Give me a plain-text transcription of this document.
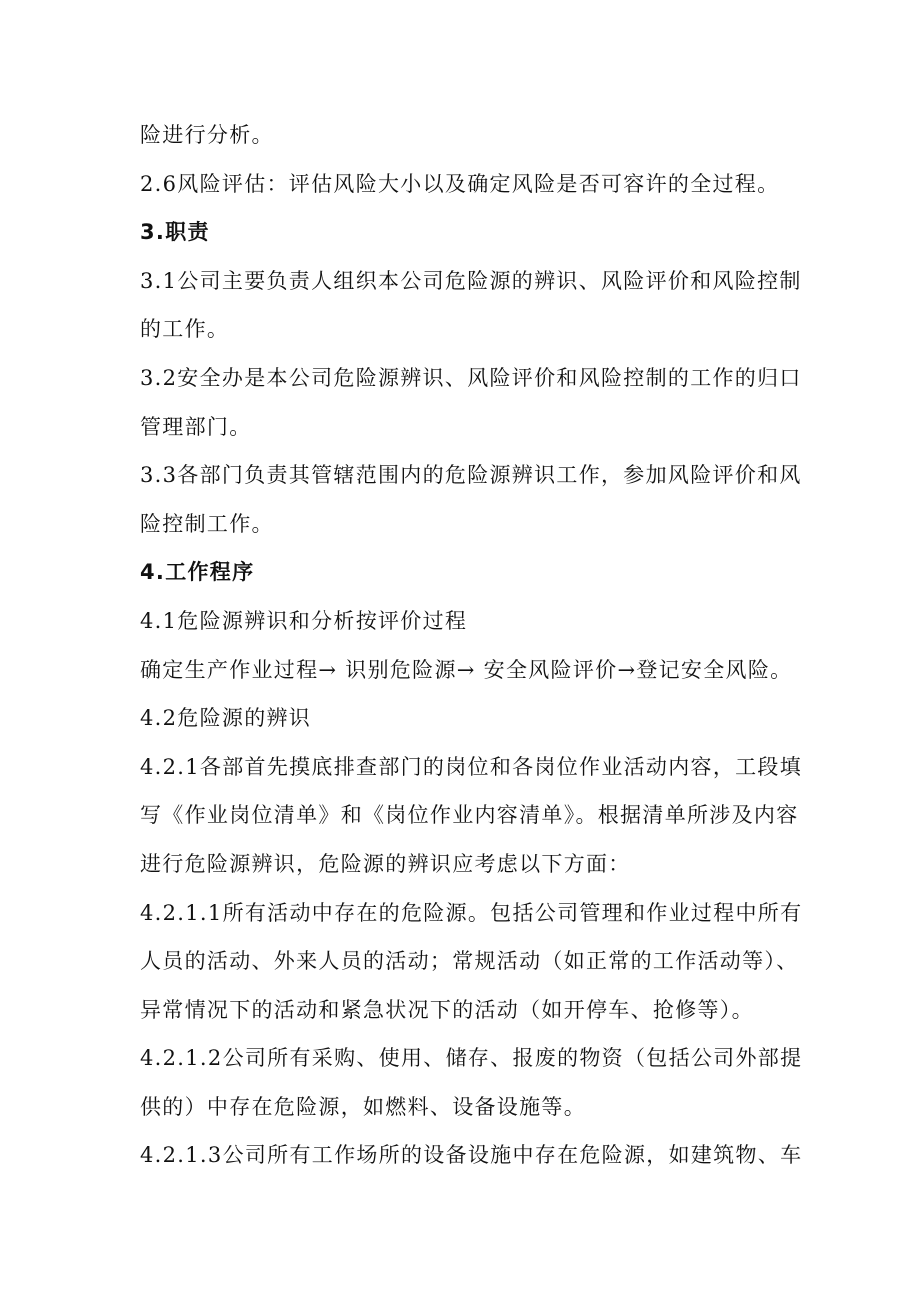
险进行分析。

2.6风险评估：评估风险大小以及确定风险是否可容许的全过程。

3.职责

3.1公司主要负责人组织本公司危险源的辨识、风险评价和风险控制

的工作。

3.2安全办是本公司危险源辨识、风险评价和风险控制的工作的归口

管理部门。

3.3各部门负责其管辖范围内的危险源辨识工作，参加风险评价和风

险控制工作。

4.工作程序

4.1危险源辨识和分析按评价过程

确定生产作业过程→ 识别危险源→ 安全风险评价→登记安全风险。

4.2危险源的辨识

4.2.1各部首先摸底排查部门的岗位和各岗位作业活动内容，工段填

写《作业岗位清单》和《岗位作业内容清单》。根据清单所涉及内容

进行危险源辨识，危险源的辨识应考虑以下方面：

4.2.1.1所有活动中存在的危险源。包括公司管理和作业过程中所有

人员的活动、外来人员的活动；常规活动（如正常的工作活动等）、

异常情况下的活动和紧急状况下的活动（如开停车、抢修等）。

4.2.1.2公司所有采购、使用、储存、报废的物资（包括公司外部提

供的）中存在危险源，如燃料、设备设施等。

4.2.1.3公司所有工作场所的设备设施中存在危险源，如建筑物、车
